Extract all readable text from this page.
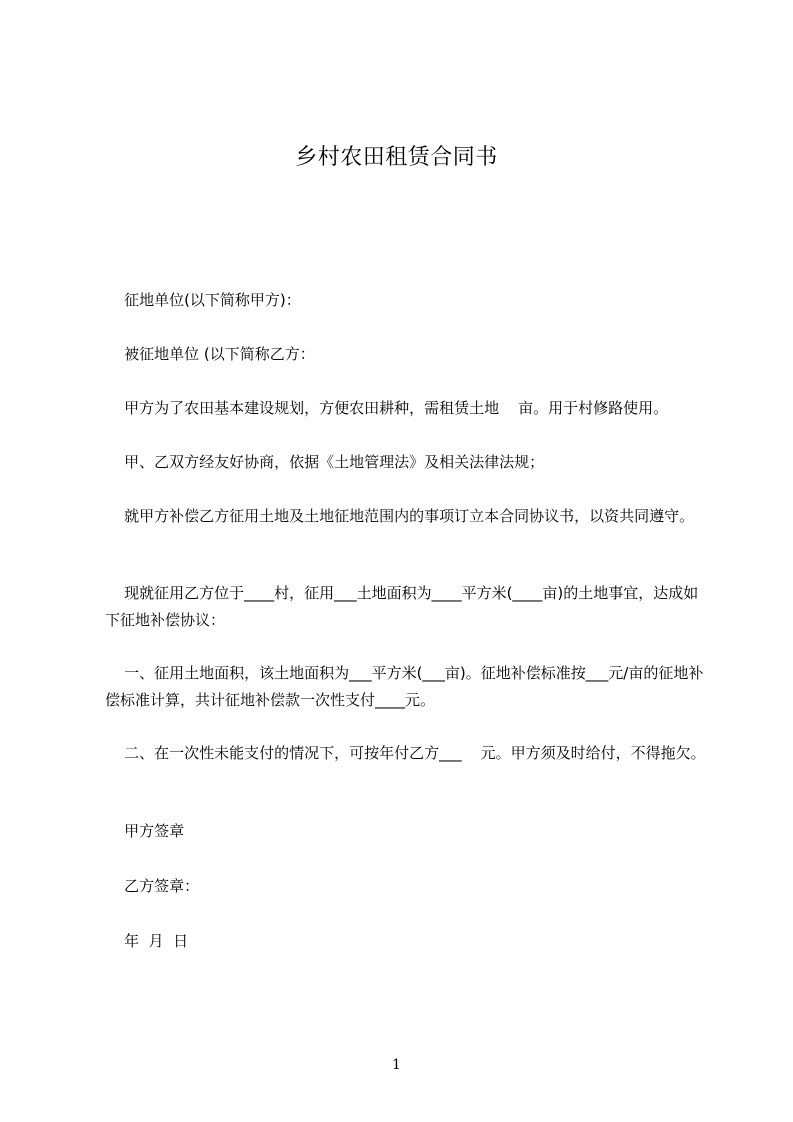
乡村农田租赁合同书
征地单位(以下简称甲方)：
被征地单位 (以下简称乙方：
甲方为了农田基本建设规划，方便农田耕种，需租赁土地    亩。用于村修路使用。
甲、乙双方经友好协商，依据《土地管理法》及相关法律法规；
就甲方补偿乙方征用土地及土地征地范围内的事项订立本合同协议书，以资共同遵守。
现就征用乙方位于____村，征用___土地面积为____平方米(____亩)的土地事宜，达成如下征地补偿协议：
一、征用土地面积，该土地面积为___平方米(___亩)。征地补偿标准按___元/亩的征地补偿标准计算，共计征地补偿款一次性支付____元。
二、在一次性未能支付的情况下，可按年付乙方___    元。甲方须及时给付，不得拖欠。
甲方签章
乙方签章：
年  月  日
1
